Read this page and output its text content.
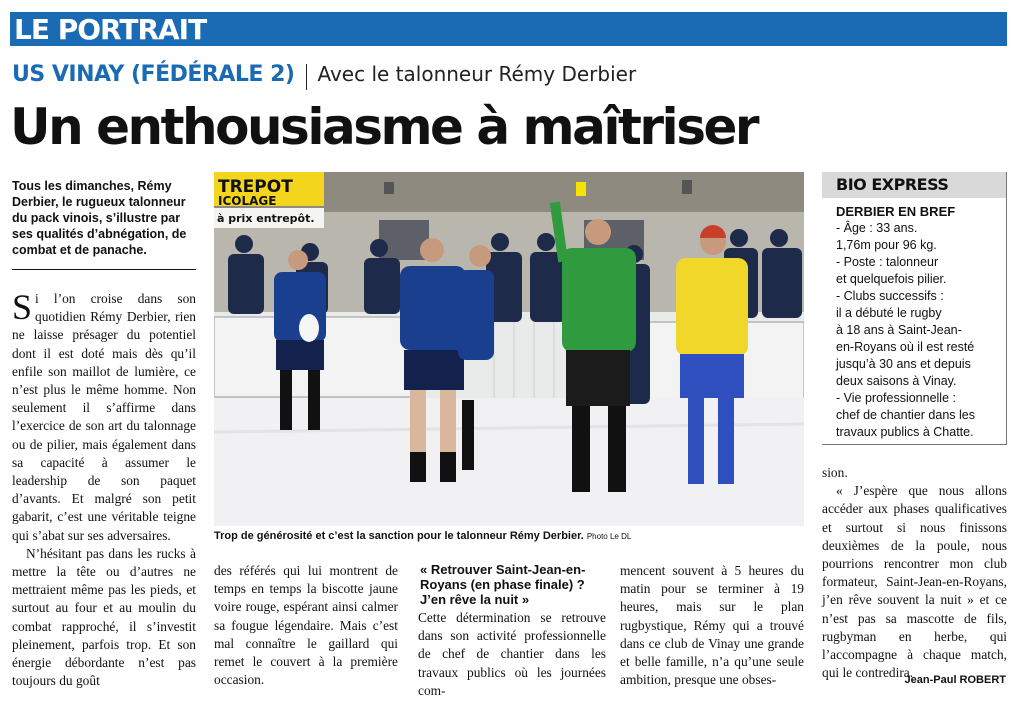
LE PORTRAIT
US VINAY (FÉDÉRALE 2) Avec le talonneur Rémy Derbier
Un enthousiasme à maîtriser
Tous les dimanches, Rémy Derbier, le rugueux talonneur du pack vinois, s’illustre par ses qualités d’abnégation, de combat et de panache.

Si l’on croise dans son quotidien Rémy Derbier, rien ne laisse présager du potentiel dont il est doté mais dès qu’il enfile son maillot de lumière, ce n’est plus le même homme. Non seulement il s’affirme dans l’exercice de son art du talonnage ou de pilier, mais également dans sa capacité à assumer le leadership de son paquet d’avants. Et malgré son petit gabarit, c’est une véritable teigne qui s’abat sur ses adversaires.

N’hésitant pas dans les rucks à mettre la tête ou d’autres ne mettraient même pas les pieds, et surtout au four et au moulin du combat rapproché, il s’investit pleinement, parfois trop. Et son énergie débordante n’est pas toujours du goût

TREPOT
ICOLAGE
à prix entrepôt.
Trop de générosité et c’est la sanction pour le talonneur Rémy Derbier. Photo Le DL

des référés qui lui montrent de temps en temps la biscotte jaune voire rouge, espérant ainsi calmer sa fougue légendaire. Mais c’est mal connaître le gaillard qui remet le couvert à la première occasion.

« Retrouver Saint-Jean-en-Royans (en phase finale) ? J’en rêve la nuit »

Cette détermination se retrouve dans son activité professionnelle de chef de chantier dans les travaux publics où les journées com-

mencent souvent à 5 heures du matin pour se terminer à 19 heures, mais sur le plan rugbystique, Rémy qui a trouvé dans ce club de Vinay une grande et belle famille, n’a qu’une seule ambition, presque une obses-

BIO EXPRESS
DERBIER EN BREF
- Âge : 33 ans.
1,76m pour 96 kg.
- Poste : talonneur
et quelquefois pilier.
- Clubs successifs :
il a débuté le rugby
à 18 ans à Saint-Jean-
en-Royans où il est resté
jusqu’à 30 ans et depuis
deux saisons à Vinay.
- Vie professionnelle :
chef de chantier dans les
travaux publics à Chatte.

sion.

« J’espère que nous allons accéder aux phases qualificatives et surtout si nous finissons deuxièmes de la poule, nous pourrions rencontrer mon club formateur, Saint-Jean-en-Royans, j’en rêve souvent la nuit » et ce n’est pas sa mascotte de fils, rugbyman en herbe, qui l’accompagne à chaque match, qui le contredira.

Jean-Paul ROBERT
